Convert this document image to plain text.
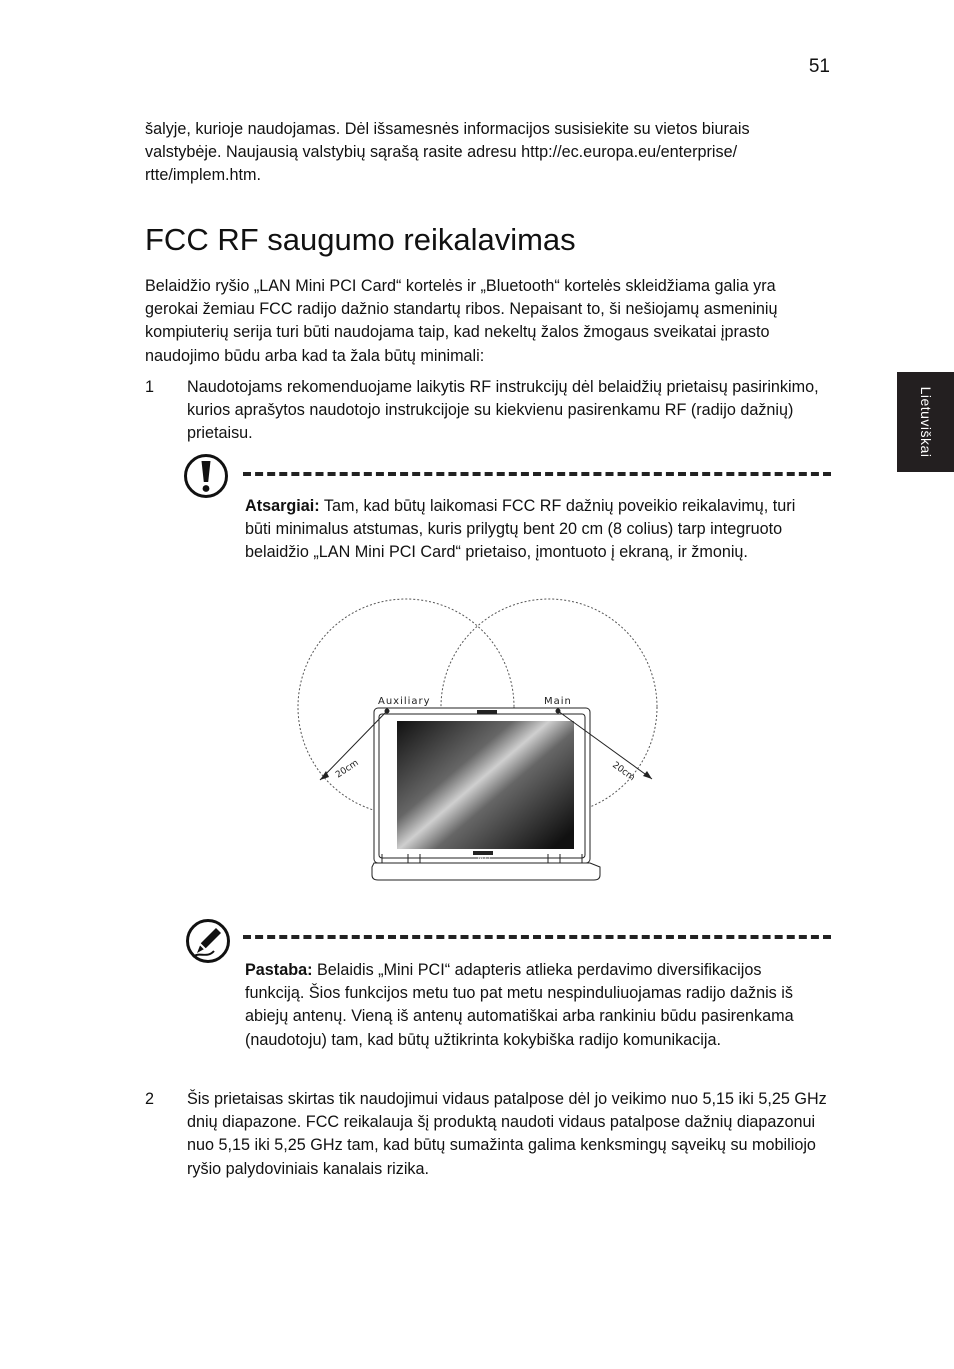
51
Lietuviškai

šalyje, kurioje naudojamas. Dėl išsamesnės informacijos susisiekite su vietos biurais valstybėje. Naujausią valstybių sąrašą rasite adresu http://ec.europa.eu/enterprise/ rtte/implem.htm.

FCC RF saugumo reikalavimas

Belaidžio ryšio „LAN Mini PCI Card“ kortelės ir „Bluetooth“ kortelės skleidžiama galia yra gerokai žemiau FCC radijo dažnio standartų ribos. Nepaisant to, ši nešiojamų asmeninių kompiuterių serija turi būti naudojama taip, kad nekeltų žalos žmogaus sveikatai įprasto naudojimo būdu arba kad ta žala būtų minimali:

1 Naudotojams rekomenduojame laikytis RF instrukcijų dėl belaidžių prietaisų pasirinkimo, kurios aprašytos naudotojo instrukcijoje su kiekvienu pasirenkamu RF (radijo dažnių) prietaisu.

Atsargiai: Tam, kad būtų laikomasi FCC RF dažnių poveikio reikalavimų, turi būti minimalus atstumas, kuris prilygtų bent 20 cm (8 colius) tarp integruoto belaidžio „LAN Mini PCI Card“ prietaiso, įmontuoto į ekraną, ir žmonių.

Auxiliary	Main
20cm	20cm
acer

Pastaba: Belaidis „Mini PCI“ adapteris atlieka perdavimo diversifikacijos funkciją. Šios funkcijos metu tuo pat metu nespinduliuojamas radijo dažnis iš abiejų antenų. Vieną iš antenų automatiškai arba rankiniu būdu pasirenkama (naudotoju) tam, kad būtų užtikrinta kokybiška radijo komunikacija.

2 Šis prietaisas skirtas tik naudojimui vidaus patalpose dėl jo veikimo nuo 5,15 iki 5,25 GHz dnių diapazone. FCC reikalauja šį produktą naudoti vidaus patalpose dažnių diapazonui nuo 5,15 iki 5,25 GHz tam, kad būtų sumažinta galima kenksmingų sąveikų su mobiliojo ryšio palydoviniais kanalais rizika.
